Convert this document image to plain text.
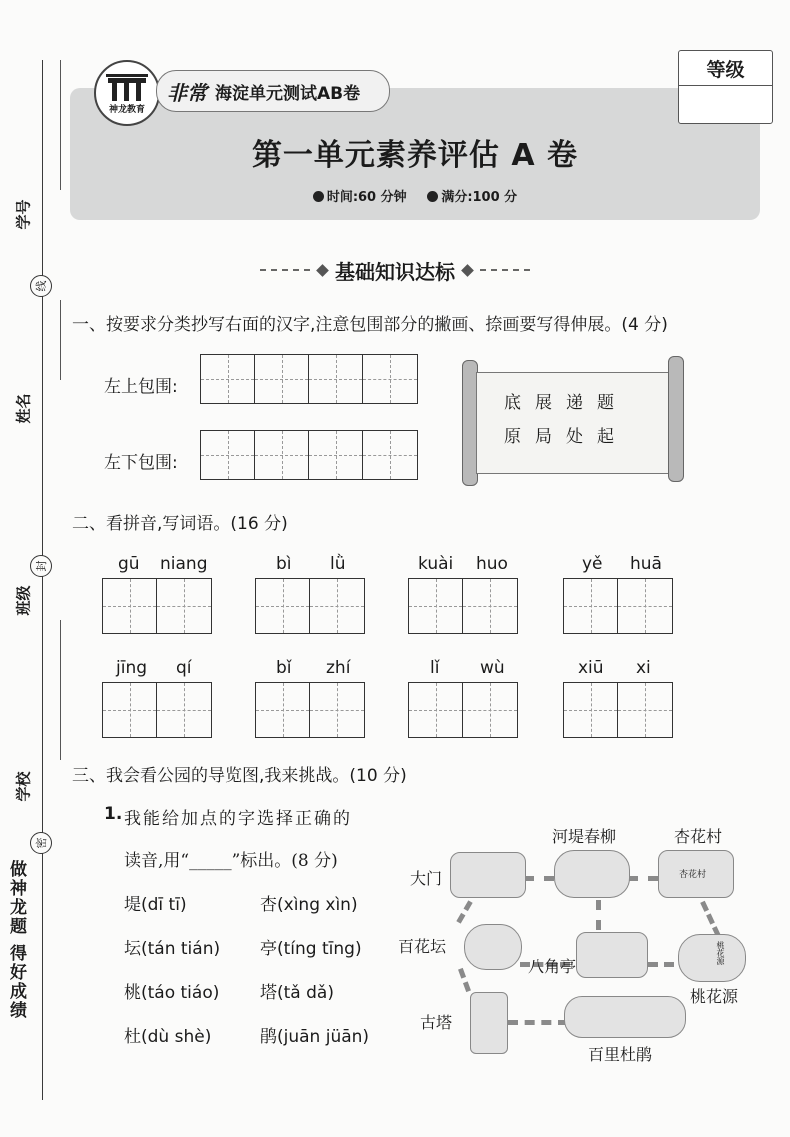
学号
线
姓名
封
班级
学校
密
做神龙题 得好成绩
神龙教育
非常 海淀单元测试AB卷
等级
第一单元素养评估 A 卷
时间:60 分钟	满分:100 分
基础知识达标
一、按要求分类抄写右面的汉字,注意包围部分的撇画、捺画要写得伸展。(4 分)
左上包围:
左下包围:
底展递题
原局处起
二、看拼音,写词语。(16 分)
gū niang	bì lǜ	kuài huo	yě huā
jīng qí	bǐ zhí	lǐ wù	xiū xi
三、我会看公园的导览图,我来挑战。(10 分)
1. 我能给加点的字选择正确的
读音,用“_____”标出。(8 分)
堤(dī tī)	杏(xìng xìn)
坛(tán tián) 亭(tíng tīng)
桃(táo tiáo) 塔(tǎ dǎ)
杜(dù shè)	鹃(juān jüān)
大门
河堤春柳
杏花村
杏花村
百花坛
八角亭
桃花源
桃花源
古塔
百里杜鹃
